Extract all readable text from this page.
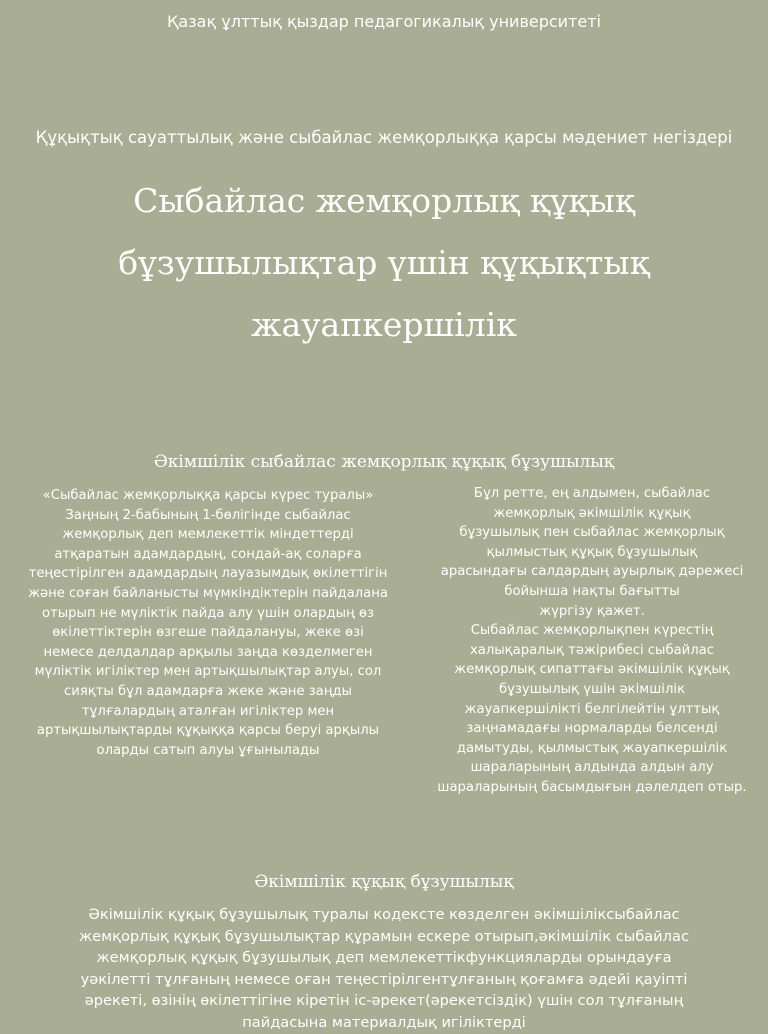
Қазақ ұлттық қыздар педагогикалық университеті
Құқықтық сауаттылық және сыбайлас жемқорлыққа қарсы мәдениет негіздері
Сыбайлас жемқорлық құқық бұзушылықтар үшін құқықтық жауапкершілік
Әкімшілік сыбайлас жемқорлық құқық бұзушылық
«Сыбайлас жемқорлыққа қарсы күрес туралы»
Заңның 2-бабының 1-бөлігінде сыбайлас
жемқорлық деп мемлекеттік міндеттерді
атқаратын адамдардың, сондай-ақ соларға
теңестірілген адамдардың лауазымдық өкілеттігін
және соған байланысты мүмкіндіктерін пайдалана
отырып не мүліктік пайда алу үшін олардың өз
өкілеттіктерін өзгеше пайдалануы, жеке өзі
немесе делдалдар арқылы заңда көзделмеген
мүліктік игіліктер мен артықшылықтар алуы, сол
сияқты бұл адамдарға жеке және заңды
тұлғалардың аталған игіліктер мен
артықшылықтарды құқыққа қарсы беруі арқылы
оларды сатып алуы ұғынылады
Бұл ретте, ең алдымен, сыбайлас
жемқорлық әкімшілік құқық
бұзушылық пен сыбайлас жемқорлық
қылмыстық құқық бұзушылық
арасындағы салдардың ауырлық дәрежесі
бойынша нақты бағытты
жүргізу қажет.
Сыбайлас жемқорлықпен күрестің
халықаралық тәжірибесі сыбайлас
жемқорлық сипаттағы әкімшілік құқық
бұзушылық үшін әкімшілік
жауапкершілікті белгілейтін ұлттық
заңнамадағы нормаларды белсенді
дамытуды, қылмыстық жауапкершілік
шараларының алдында алдын алу
шараларының басымдығын дәлелдеп отыр.
Әкімшілік құқық бұзушылық
Әкімшілік құқық бұзушылық туралы кодексте көзделген әкімшіліксыбайлас жемқорлық құқық бұзушылықтар құрамын ескере отырып,әкімшілік сыбайлас жемқорлық құқық бұзушылық деп мемлекеттікфункцияларды орындауға уәкілетті тұлғаның немесе оған теңестірілгентұлғаның қоғамға әдейі қауіпті әрекеті, өзінің өкілеттігіне кіретін іс-әрекет(әрекетсіздік) үшін сол тұлғаның пайдасына материалдық игіліктерді
